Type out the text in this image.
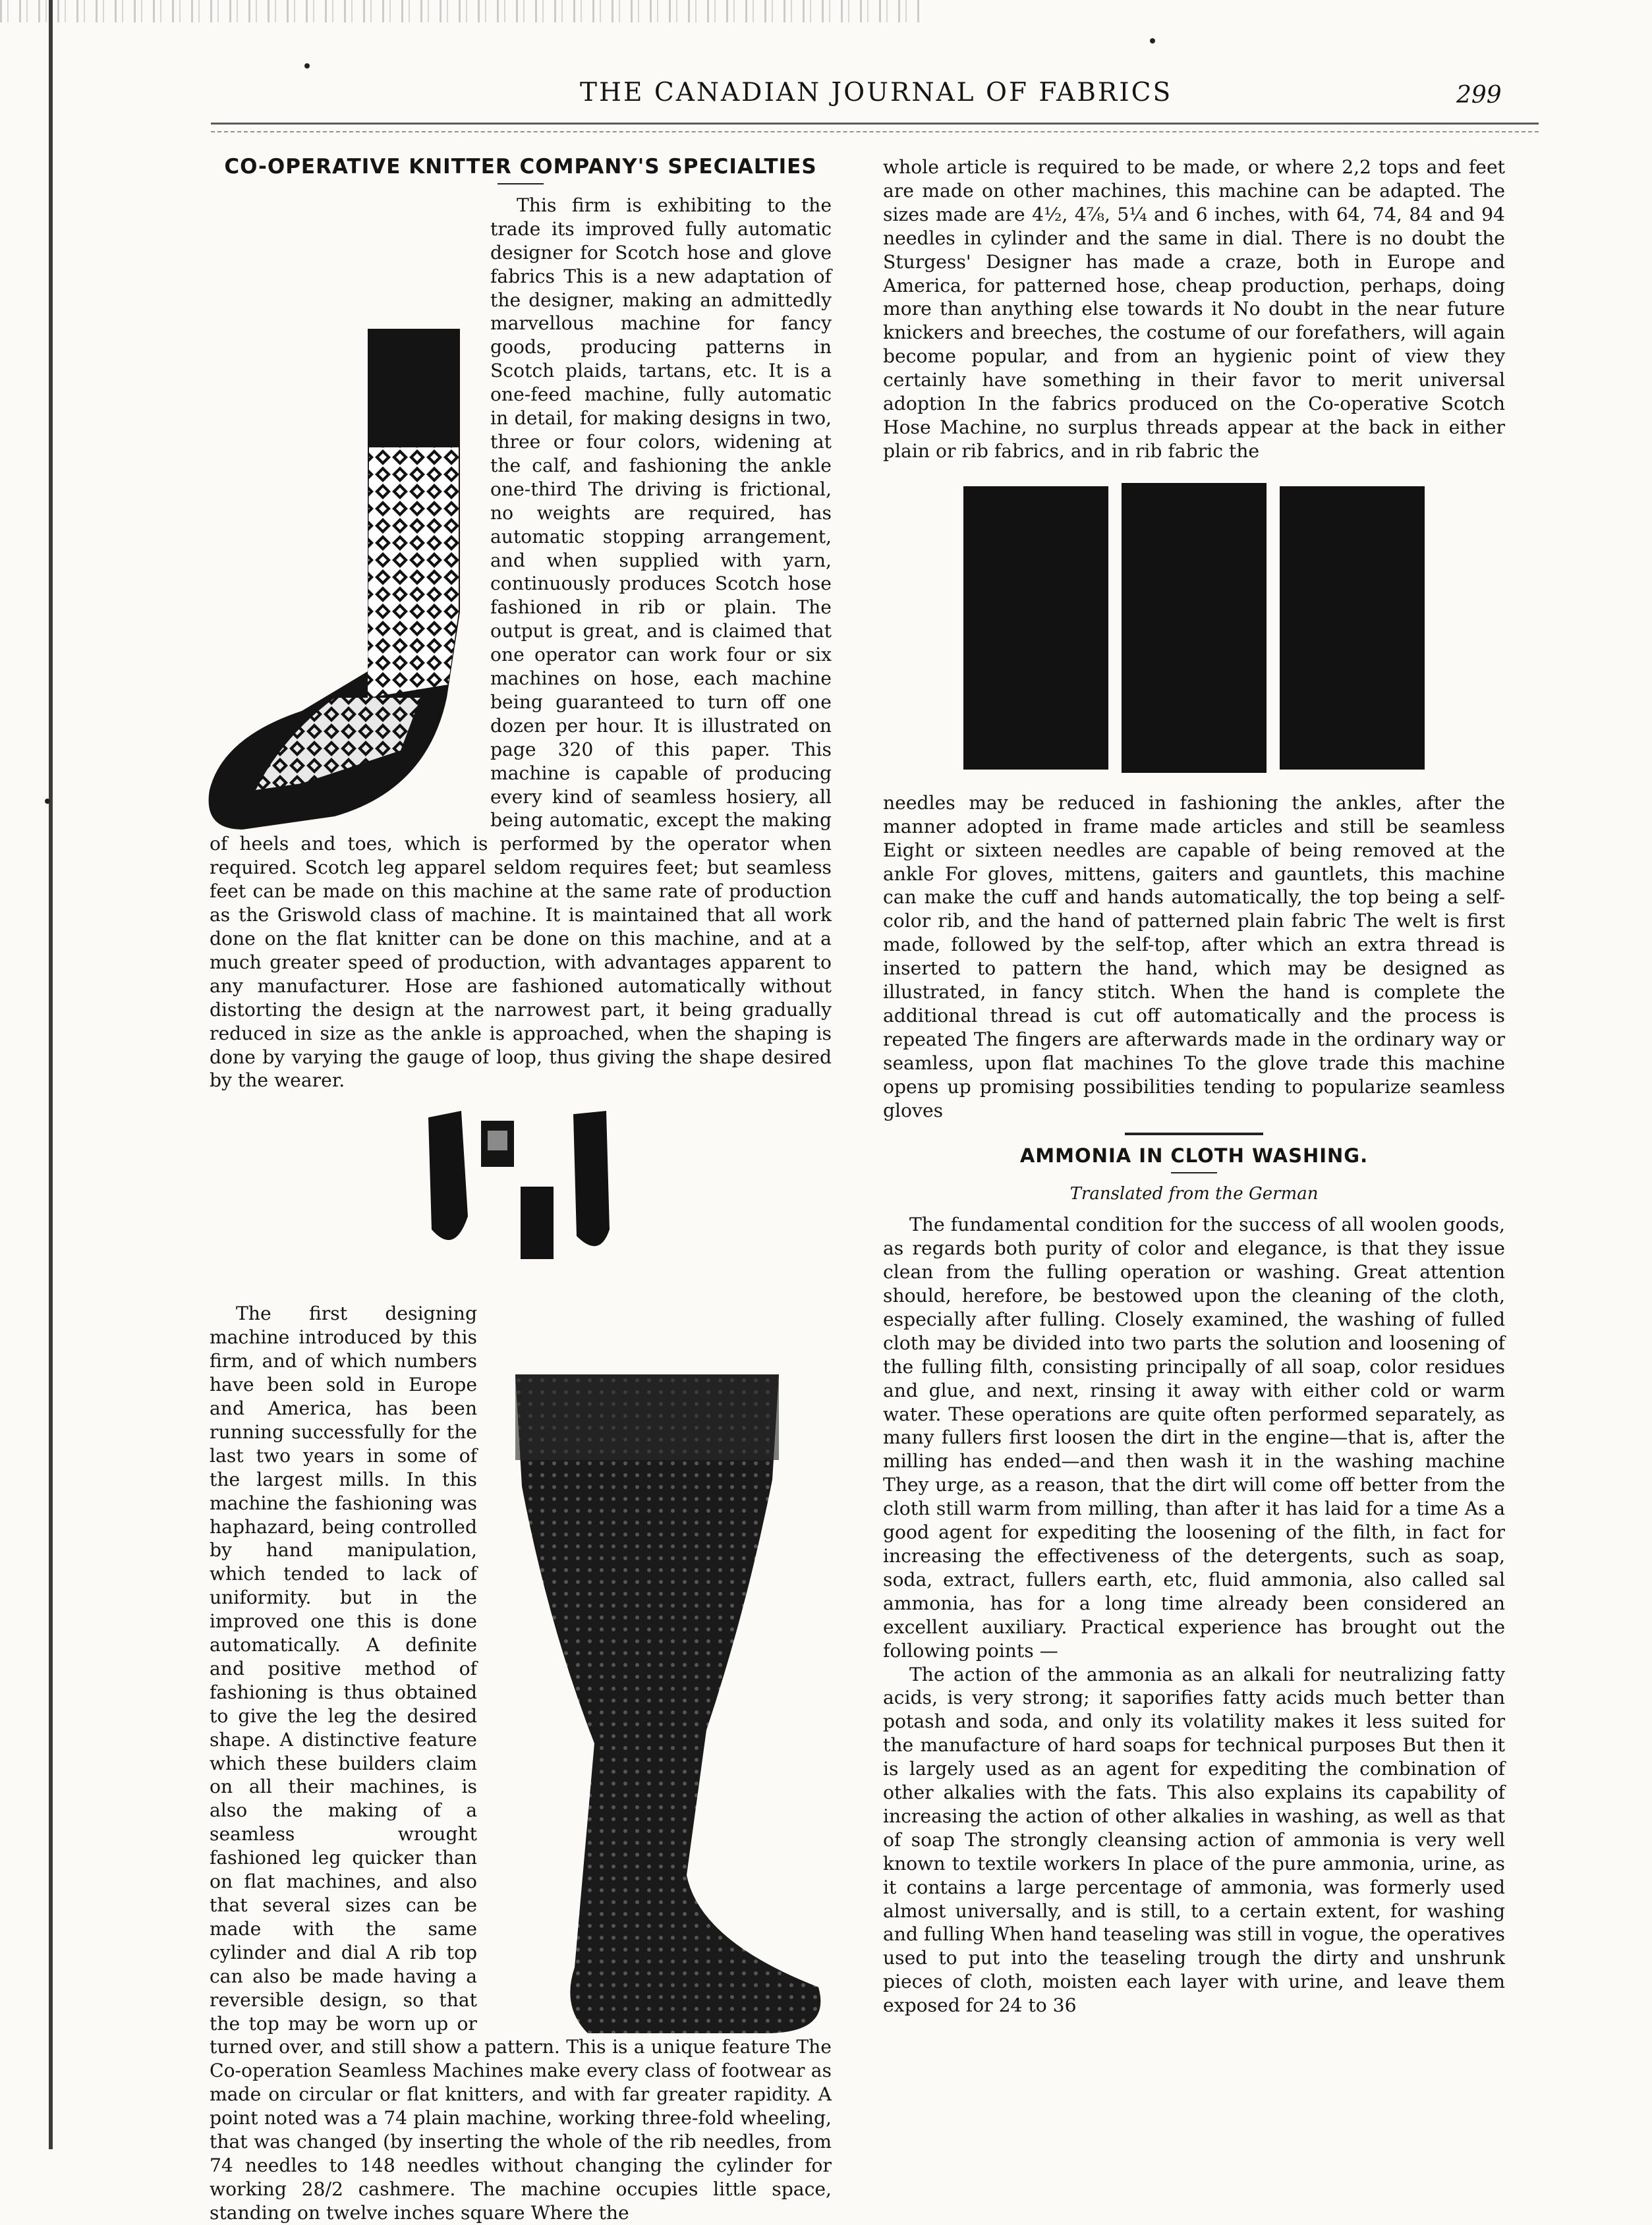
THE CANADIAN JOURNAL OF FABRICS	299
CO-OPERATIVE KNITTER COMPANY'S SPECIALTIES

This firm is exhibiting to the trade its improved fully automatic designer for Scotch hose and glove fabrics This is a new adaptation of the designer, making an admittedly marvellous machine for fancy goods, producing patterns in Scotch plaids, tartans, etc. It is a one-feed machine, fully automatic in detail, for making designs in two, three or four colors, widening at the calf, and fashioning the ankle one-third The driving is frictional, no weights are required, has automatic stopping arrangement, and when supplied with yarn, continuously produces Scotch hose fashioned in rib or plain. The output is great, and is claimed that one operator can work four or six machines on hose, each machine being guaranteed to turn off one dozen per hour. It is illustrated on page 320 of this paper. This machine is capable of producing every kind of seamless hosiery, all being automatic, except the making of heels and toes, which is performed by the operator when required. Scotch leg apparel seldom requires feet; but seamless feet can be made on this machine at the same rate of production as the Griswold class of machine. It is maintained that all work done on the flat knitter can be done on this machine, and at a much greater speed of production, with advantages apparent to any manufacturer. Hose are fashioned automatically without distorting the design at the narrowest part, it being gradually reduced in size as the ankle is approached, when the shaping is done by varying the gauge of loop, thus giving the shape desired by the wearer.

The first designing machine introduced by this firm, and of which numbers have been sold in Europe and America, has been running successfully for the last two years in some of the largest mills. In this machine the fashioning was haphazard, being controlled by hand manipulation, which tended to lack of uniformity. but in the improved one this is done automatically. A definite and positive method of fashioning is thus obtained to give the leg the desired shape. A distinctive feature which these builders claim on all their machines, is also the making of a seamless wrought fashioned leg quicker than on flat machines, and also that several sizes can be made with the same cylinder and dial A rib top can also be made having a reversible design, so that the top may be worn up or turned over, and still show a pattern. This is a unique feature The Co-operation Seamless Machines make every class of footwear as made on circular or flat knitters, and with far greater rapidity. A point noted was a 74 plain machine, working three-fold wheeling, that was changed (by inserting the whole of the rib needles, from 74 needles to 148 needles without changing the cylinder for working 28/2 cashmere. The machine occupies little space, standing on twelve inches square Where the

whole article is required to be made, or where 2,2 tops and feet are made on other machines, this machine can be adapted. The sizes made are 4½, 4⅞, 5¼ and 6 inches, with 64, 74, 84 and 94 needles in cylinder and the same in dial. There is no doubt the Sturgess' Designer has made a craze, both in Europe and America, for patterned hose, cheap production, perhaps, doing more than anything else towards it No doubt in the near future knickers and breeches, the costume of our forefathers, will again become popular, and from an hygienic point of view they certainly have something in their favor to merit universal adoption In the fabrics produced on the Co-operative Scotch Hose Machine, no surplus threads appear at the back in either plain or rib fabrics, and in rib fabric the

needles may be reduced in fashioning the ankles, after the manner adopted in frame made articles and still be seamless Eight or sixteen needles are capable of being removed at the ankle For gloves, mittens, gaiters and gauntlets, this machine can make the cuff and hands automatically, the top being a self-color rib, and the hand of patterned plain fabric The welt is first made, followed by the self-top, after which an extra thread is inserted to pattern the hand, which may be designed as illustrated, in fancy stitch. When the hand is complete the additional thread is cut off automatically and the process is repeated The fingers are afterwards made in the ordinary way or seamless, upon flat machines To the glove trade this machine opens up promising possibilities tending to popularize seamless gloves

AMMONIA IN CLOTH WASHING.
Translated from the German

The fundamental condition for the success of all woolen goods, as regards both purity of color and elegance, is that they issue clean from the fulling operation or washing. Great attention should, herefore, be bestowed upon the cleaning of the cloth, especially after fulling. Closely examined, the washing of fulled cloth may be divided into two parts the solution and loosening of the fulling filth, consisting principally of all soap, color residues and glue, and next, rinsing it away with either cold or warm water. These operations are quite often performed separately, as many fullers first loosen the dirt in the engine—that is, after the milling has ended—and then wash it in the washing machine They urge, as a reason, that the dirt will come off better from the cloth still warm from milling, than after it has laid for a time As a good agent for expediting the loosening of the filth, in fact for increasing the effectiveness of the detergents, such as soap, soda, extract, fullers earth, etc, fluid ammonia, also called sal ammonia, has for a long time already been considered an excellent auxiliary. Practical experience has brought out the following points —

The action of the ammonia as an alkali for neutralizing fatty acids, is very strong; it saporifies fatty acids much better than potash and soda, and only its volatility makes it less suited for the manufacture of hard soaps for technical purposes But then it is largely used as an agent for expediting the combination of other alkalies with the fats. This also explains its capability of increasing the action of other alkalies in washing, as well as that of soap The strongly cleansing action of ammonia is very well known to textile workers In place of the pure ammonia, urine, as it contains a large percentage of ammonia, was formerly used almost universally, and is still, to a certain extent, for washing and fulling When hand teaseling was still in vogue, the operatives used to put into the teaseling trough the dirty and unshrunk pieces of cloth, moisten each layer with urine, and leave them exposed for 24 to 36
